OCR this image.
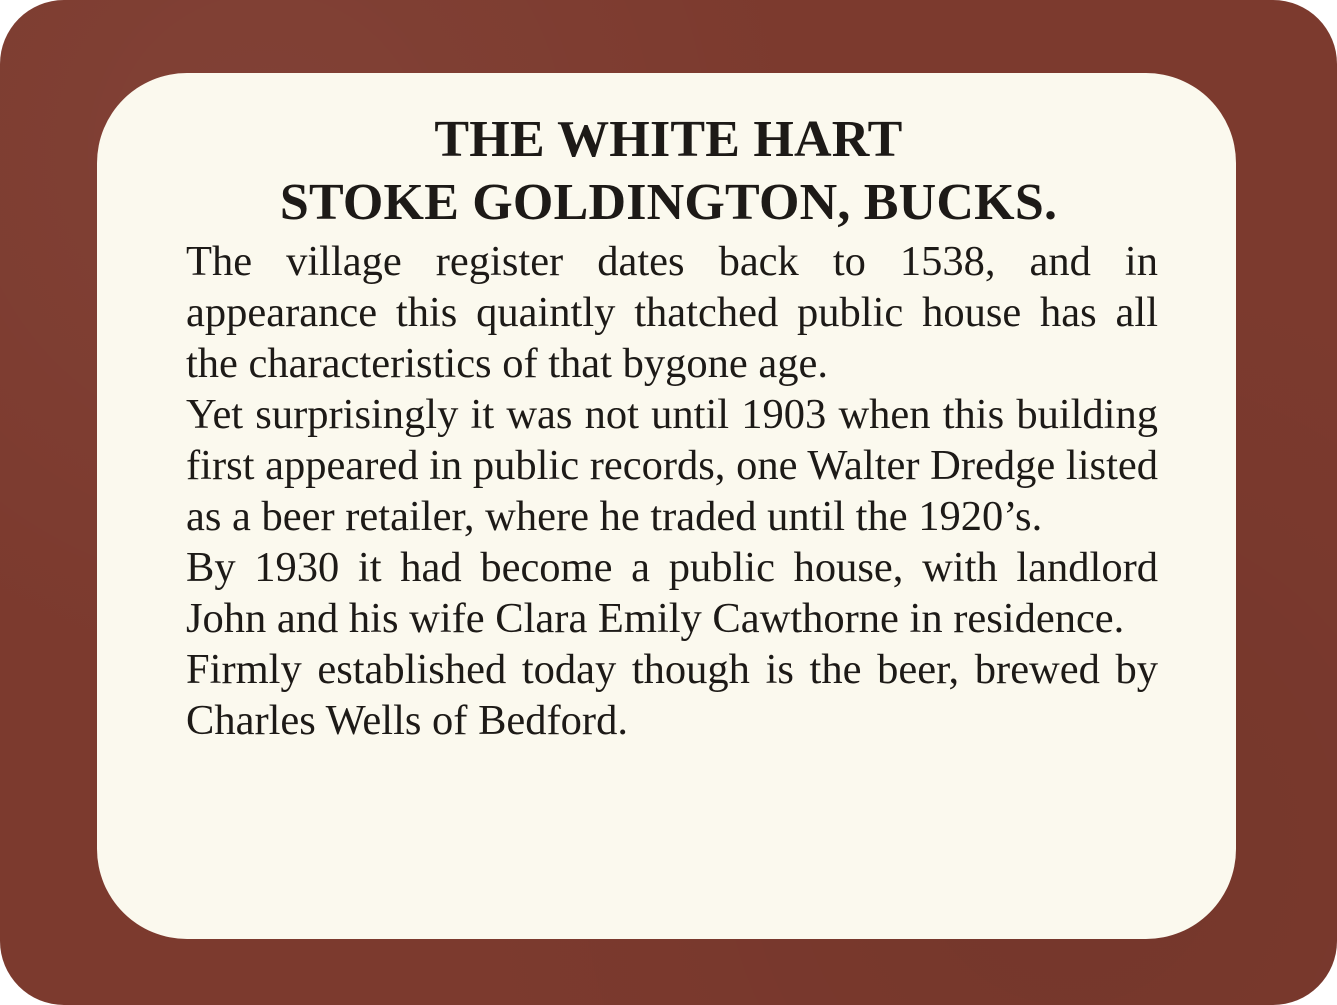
THE WHITE HART
STOKE GOLDINGTON, BUCKS.

The village register dates back to 1538, and in appearance this quaintly thatched public house has all the characteristics of that bygone age.

Yet surprisingly it was not until 1903 when this building first appeared in public records, one Walter Dredge listed as a beer retailer, where he traded until the 1920’s.

By 1930 it had become a public house, with landlord John and his wife Clara Emily Cawthorne in residence.

Firmly established today though is the beer, brewed by Charles Wells of Bedford.
